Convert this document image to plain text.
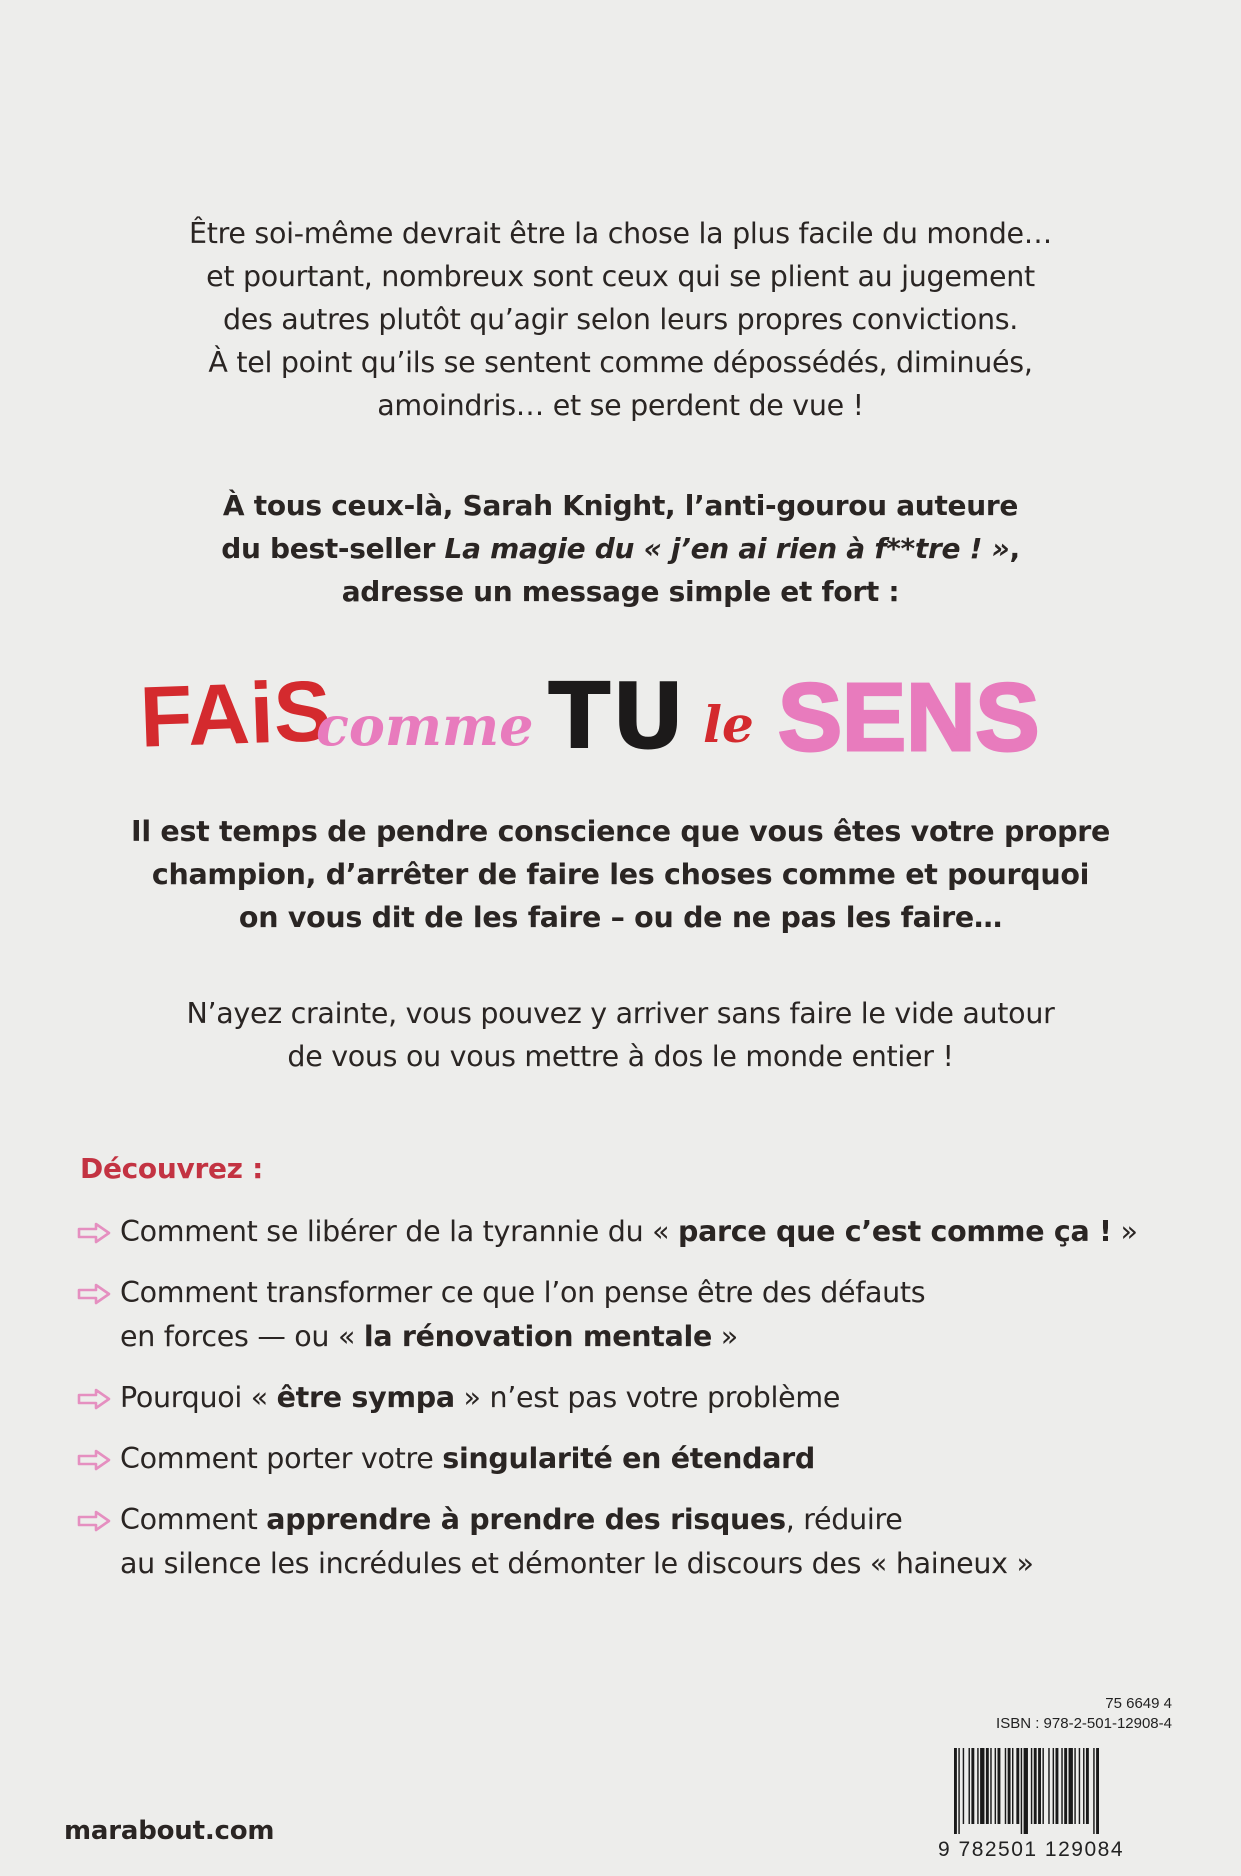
Être soi-même devrait être la chose la plus facile du monde…
et pourtant, nombreux sont ceux qui se plient au jugement
des autres plutôt qu’agir selon leurs propres convictions.
À tel point qu’ils se sentent comme dépossédés, diminués,
amoindris… et se perdent de vue !
À tous ceux-là, Sarah Knight, l’anti-gourou auteure
du best-seller La magie du « j’en ai rien à f**tre ! »,
adresse un message simple et fort :
FAiS
comme TU le SENS
Il est temps de pendre conscience que vous êtes votre propre
champion, d’arrêter de faire les choses comme et pourquoi
on vous dit de les faire – ou de ne pas les faire…
N’ayez crainte, vous pouvez y arriver sans faire le vide autour
de vous ou vous mettre à dos le monde entier !
Découvrez :
Comment se libérer de la tyrannie du « parce que c’est comme ça ! »
Comment transformer ce que l’on pense être des défauts
en forces — ou « la rénovation mentale »
Pourquoi « être sympa » n’est pas votre problème
Comment porter votre singularité en étendard
Comment apprendre à prendre des risques, réduire
au silence les incrédules et démonter le discours des « haineux »
75 6649 4
ISBN : 978-2-501-12908-4
9 782501 129084
marabout.com
